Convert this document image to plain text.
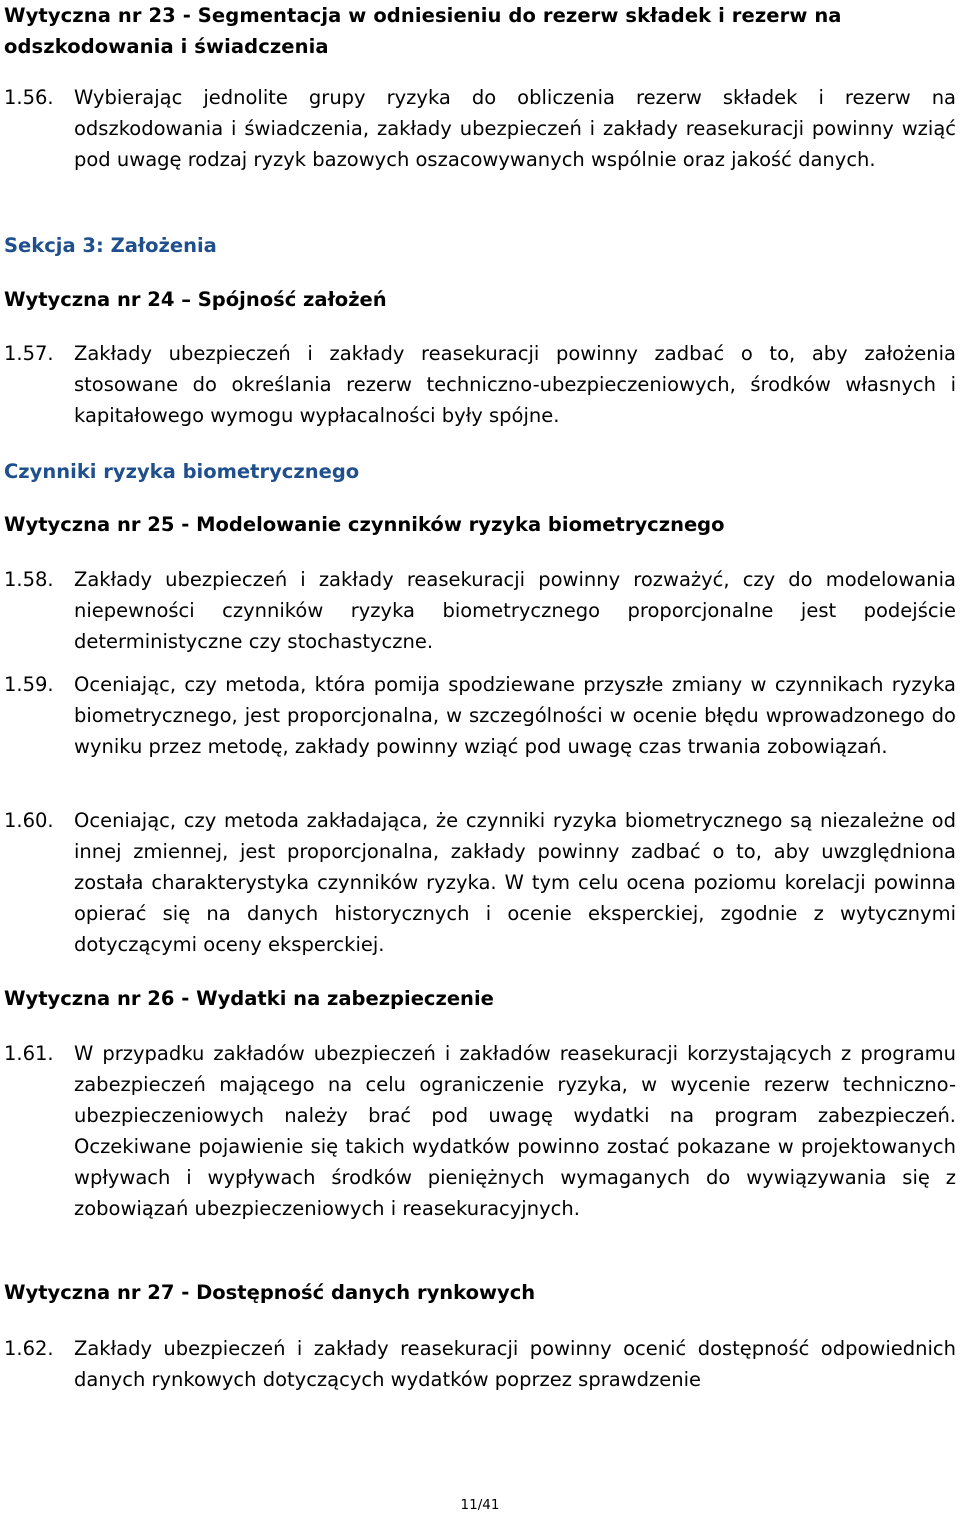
Wytyczna nr 23 - Segmentacja w odniesieniu do rezerw składek i rezerw na odszkodowania i świadczenia
1.56.	Wybierając jednolite grupy ryzyka do obliczenia rezerw składek i rezerw na odszkodowania i świadczenia, zakłady ubezpieczeń i zakłady reasekuracji powinny wziąć pod uwagę rodzaj ryzyk bazowych oszacowywanych wspólnie oraz jakość danych.
Sekcja 3: Założenia
Wytyczna nr 24 – Spójność założeń
1.57.	Zakłady ubezpieczeń i zakłady reasekuracji powinny zadbać o to, aby założenia stosowane do określania rezerw techniczno-ubezpieczeniowych, środków własnych i kapitałowego wymogu wypłacalności były spójne.
Czynniki ryzyka biometrycznego
Wytyczna nr 25 - Modelowanie czynników ryzyka biometrycznego
1.58.	Zakłady ubezpieczeń i zakłady reasekuracji powinny rozważyć, czy do modelowania niepewności czynników ryzyka biometrycznego proporcjonalne jest podejście deterministyczne czy stochastyczne.
1.59.	Oceniając, czy metoda, która pomija spodziewane przyszłe zmiany w czynnikach ryzyka biometrycznego, jest proporcjonalna, w szczególności w ocenie błędu wprowadzonego do wyniku przez metodę, zakłady powinny wziąć pod uwagę czas trwania zobowiązań.
1.60.	Oceniając, czy metoda zakładająca, że czynniki ryzyka biometrycznego są niezależne od innej zmiennej, jest proporcjonalna, zakłady powinny zadbać o to, aby uwzględniona została charakterystyka czynników ryzyka. W tym celu ocena poziomu korelacji powinna opierać się na danych historycznych i ocenie eksperckiej, zgodnie z wytycznymi dotyczącymi oceny eksperckiej.
Wytyczna nr 26 - Wydatki na zabezpieczenie
1.61.	W przypadku zakładów ubezpieczeń i zakładów reasekuracji korzystających z programu zabezpieczeń mającego na celu ograniczenie ryzyka, w wycenie rezerw techniczno-ubezpieczeniowych należy brać pod uwagę wydatki na program zabezpieczeń. Oczekiwane pojawienie się takich wydatków powinno zostać pokazane w projektowanych wpływach i wypływach środków pieniężnych wymaganych do wywiązywania się z zobowiązań ubezpieczeniowych i reasekuracyjnych.
Wytyczna nr 27 - Dostępność danych rynkowych
1.62.	Zakłady ubezpieczeń i zakłady reasekuracji powinny ocenić dostępność odpowiednich danych rynkowych dotyczących wydatków poprzez sprawdzenie
11/41
